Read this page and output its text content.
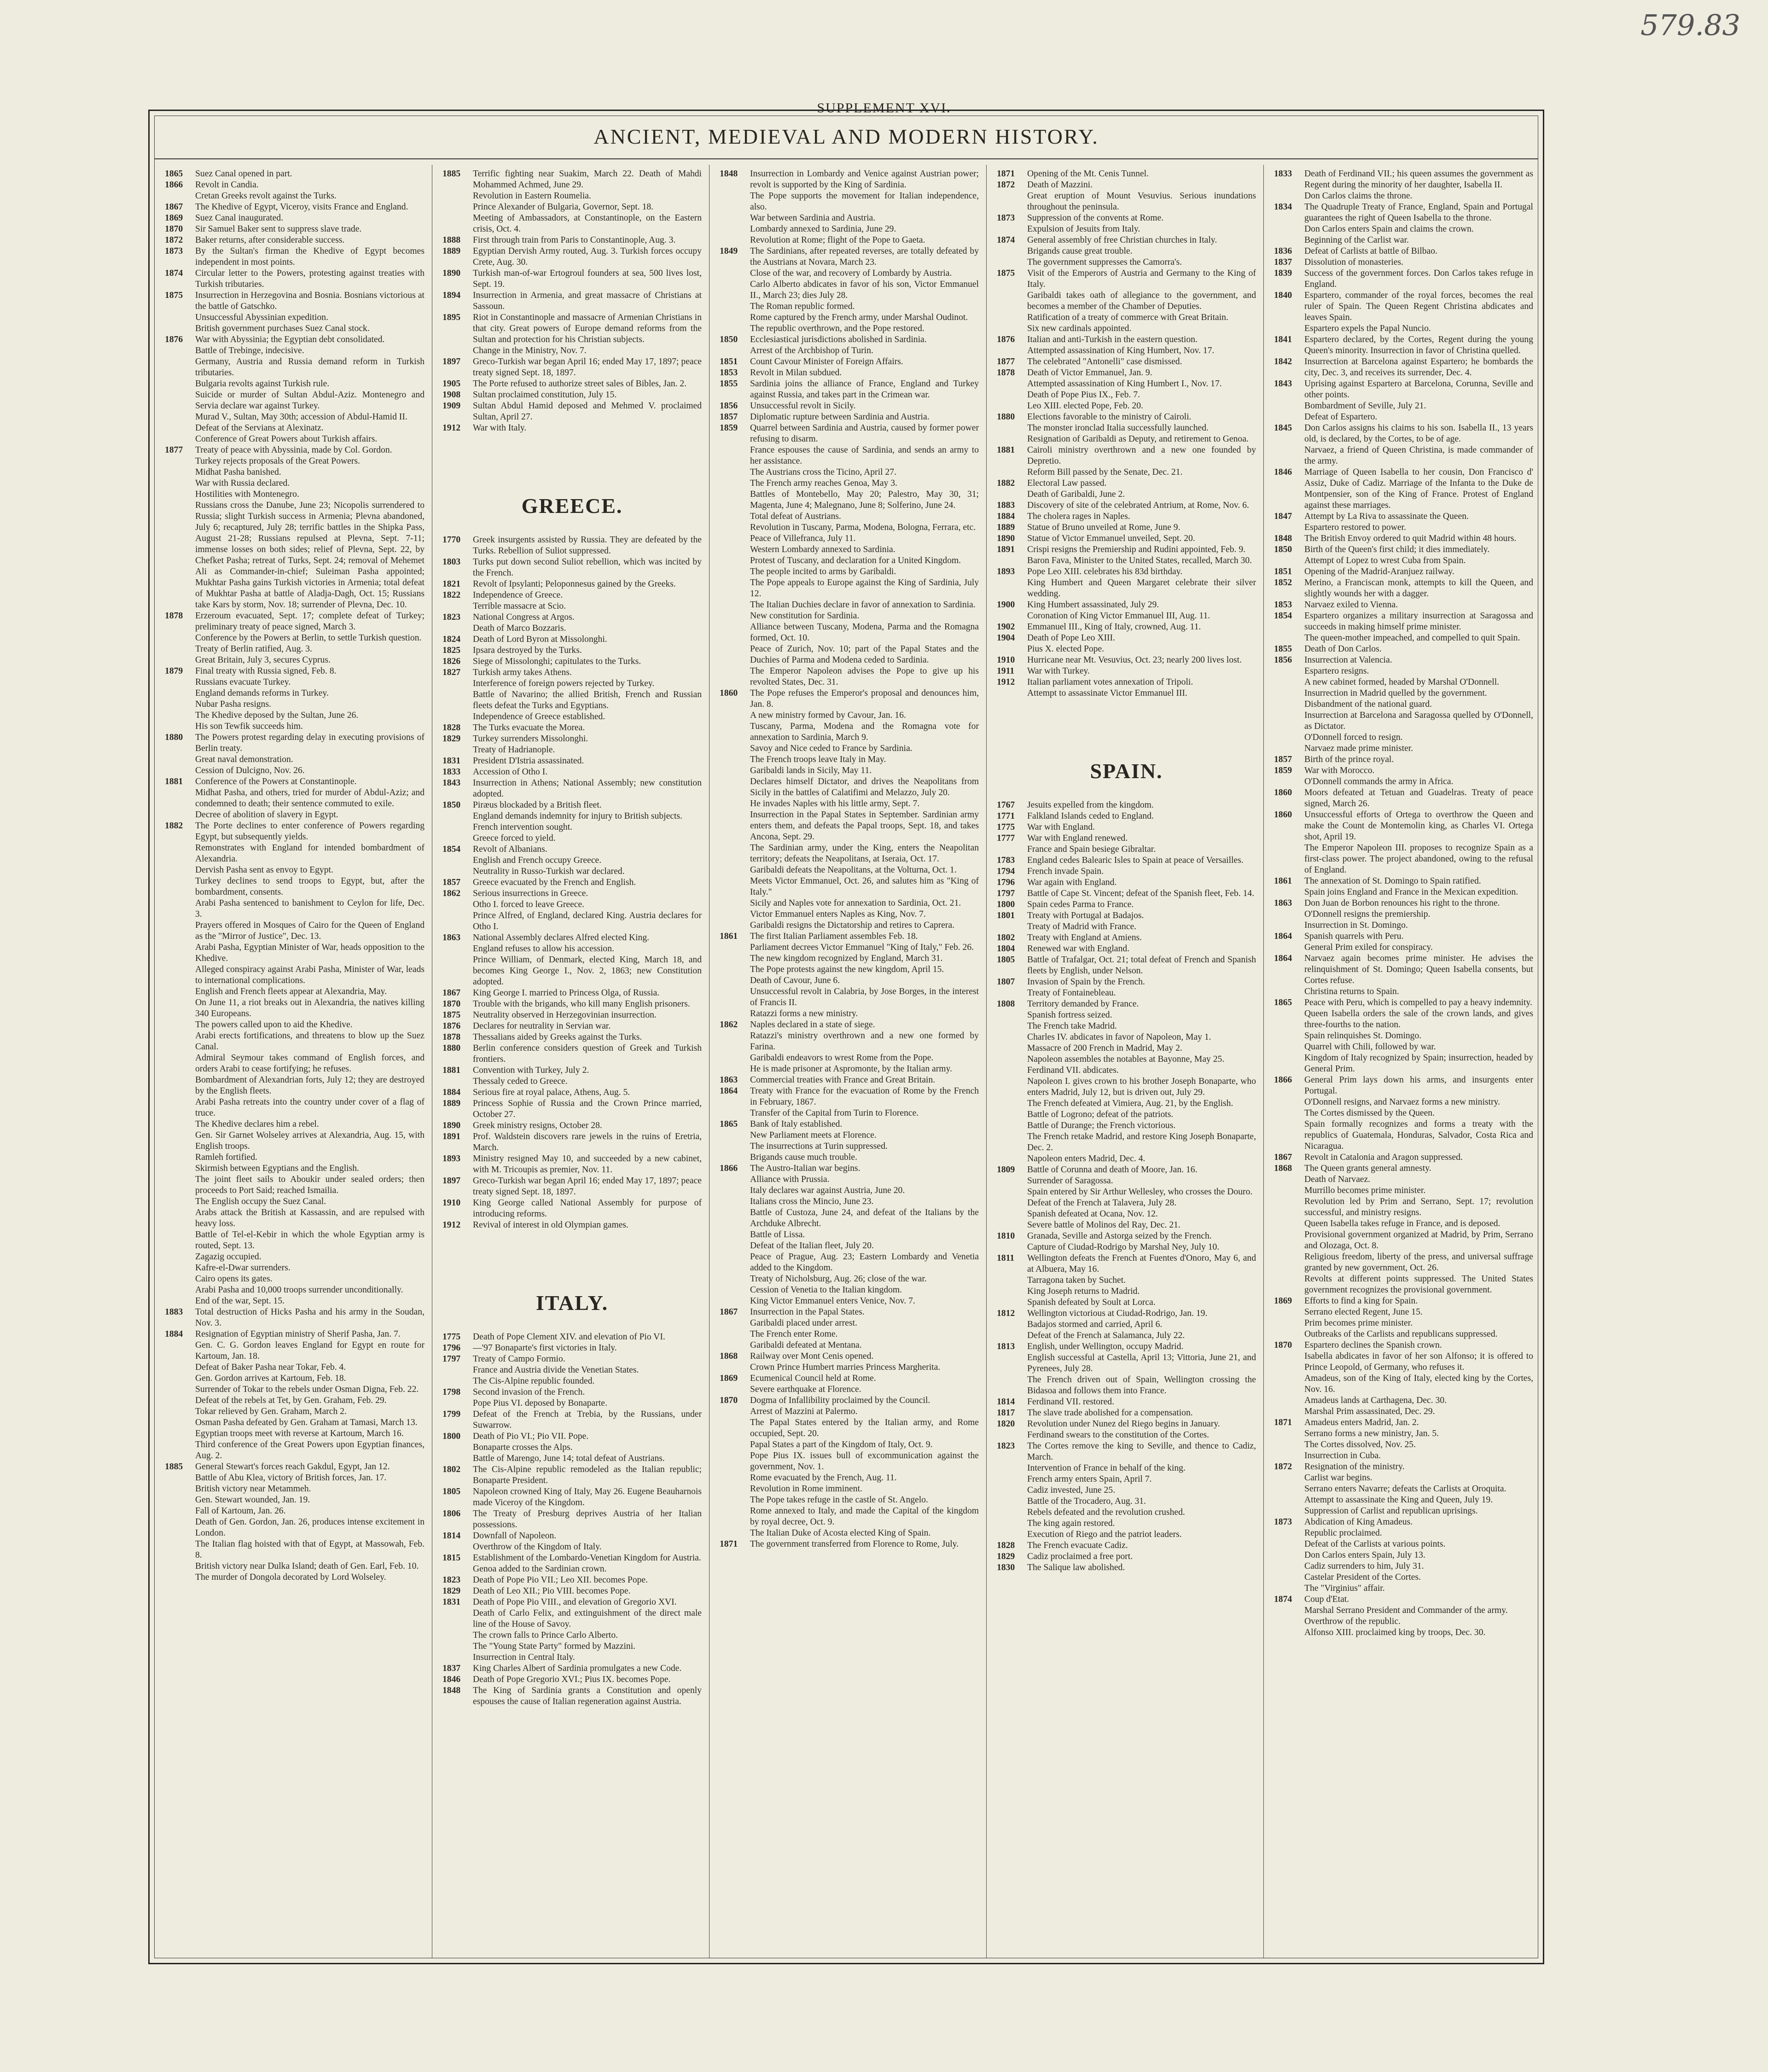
579.83
SUPPLEMENT XVI.
ANCIENT, MEDIEVAL AND MODERN HISTORY.
1865	Suez Canal opened in part.
1866	Revolt in Candia.
Cretan Greeks revolt against the Turks.
1867	The Khedive of Egypt, Viceroy, visits France and England.
1869	Suez Canal inaugurated.
1870	Sir Samuel Baker sent to suppress slave trade.
1872	Baker returns, after considerable success.
1873	By the Sultan's firman the Khedive of Egypt becomes independent in most points.
1874	Circular letter to the Powers, protesting against treaties with Turkish tributaries.
1875	Insurrection in Herzegovina and Bosnia. Bosnians victorious at the battle of Gatschko.
Unsuccessful Abyssinian expedition.
British government purchases Suez Canal stock.
1876	War with Abyssinia; the Egyptian debt consolidated.
Battle of Trebinge, indecisive.
Germany, Austria and Russia demand reform in Turkish tributaries.
Bulgaria revolts against Turkish rule.
Suicide or murder of Sultan Abdul-Aziz. Montenegro and Servia declare war against Turkey.
Murad V., Sultan, May 30th; accession of Abdul-Hamid II.
Defeat of the Servians at Alexinatz.
Conference of Great Powers about Turkish affairs.
1877	Treaty of peace with Abyssinia, made by Col. Gordon.
Turkey rejects proposals of the Great Powers.
Midhat Pasha banished.
War with Russia declared.
Hostilities with Montenegro.
Russians cross the Danube, June 23; Nicopolis surrendered to Russia; slight Turkish success in Armenia; Plevna abandoned, July 6; recaptured, July 28; terrific battles in the Shipka Pass, August 21-28; Russians repulsed at Plevna, Sept. 7-11; immense losses on both sides; relief of Plevna, Sept. 22, by Chefket Pasha; retreat of Turks, Sept. 24; removal of Mehemet Ali as Commander-in-chief; Suleiman Pasha appointed; Mukhtar Pasha gains Turkish victories in Armenia; total defeat of Mukhtar Pasha at battle of Aladja-Dagh, Oct. 15; Russians take Kars by storm, Nov. 18; surrender of Plevna, Dec. 10.
1878	Erzeroum evacuated, Sept. 17; complete defeat of Turkey; preliminary treaty of peace signed, March 3.
Conference by the Powers at Berlin, to settle Turkish question.
Treaty of Berlin ratified, Aug. 3.
Great Britain, July 3, secures Cyprus.
1879	Final treaty with Russia signed, Feb. 8.
Russians evacuate Turkey.
England demands reforms in Turkey.
Nubar Pasha resigns.
The Khedive deposed by the Sultan, June 26.
His son Tewfik succeeds him.
1880	The Powers protest regarding delay in executing provisions of Berlin treaty.
Great naval demonstration.
Cession of Dulcigno, Nov. 26.
1881	Conference of the Powers at Constantinople.
Midhat Pasha, and others, tried for murder of Abdul-Aziz; and condemned to death; their sentence commuted to exile.
Decree of abolition of slavery in Egypt.
1882	The Porte declines to enter conference of Powers regarding Egypt, but subsequently yields.
Remonstrates with England for intended bombardment of Alexandria.
Dervish Pasha sent as envoy to Egypt.
Turkey declines to send troops to Egypt, but, after the bombardment, consents.
Arabi Pasha sentenced to banishment to Ceylon for life, Dec. 3.
Prayers offered in Mosques of Cairo for the Queen of England as the "Mirror of Justice", Dec. 13.
Arabi Pasha, Egyptian Minister of War, heads opposition to the Khedive.
Alleged conspiracy against Arabi Pasha, Minister of War, leads to international complications.
English and French fleets appear at Alexandria, May.
On June 11, a riot breaks out in Alexandria, the natives killing 340 Europeans.
The powers called upon to aid the Khedive.
Arabi erects fortifications, and threatens to blow up the Suez Canal.
Admiral Seymour takes command of English forces, and orders Arabi to cease fortifying; he refuses.
Bombardment of Alexandrian forts, July 12; they are destroyed by the English fleets.
Arabi Pasha retreats into the country under cover of a flag of truce.
The Khedive declares him a rebel.
Gen. Sir Garnet Wolseley arrives at Alexandria, Aug. 15, with English troops.
Ramleh fortified.
Skirmish between Egyptians and the English.
The joint fleet sails to Aboukir under sealed orders; then proceeds to Port Said; reached Ismailia.
The English occupy the Suez Canal.
Arabs attack the British at Kassassin, and are repulsed with heavy loss.
Battle of Tel-el-Kebir in which the whole Egyptian army is routed, Sept. 13.
Zagazig occupied.
Kafre-el-Dwar surrenders.
Cairo opens its gates.
Arabi Pasha and 10,000 troops surrender unconditionally.
End of the war, Sept. 15.
1883	Total destruction of Hicks Pasha and his army in the Soudan, Nov. 3.
1884	Resignation of Egyptian ministry of Sherif Pasha, Jan. 7.
Gen. C. G. Gordon leaves England for Egypt en route for Kartoum, Jan. 18.
Defeat of Baker Pasha near Tokar, Feb. 4.
Gen. Gordon arrives at Kartoum, Feb. 18.
Surrender of Tokar to the rebels under Osman Digna, Feb. 22.
Defeat of the rebels at Tet, by Gen. Graham, Feb. 29.
Tokar relieved by Gen. Graham, March 2.
Osman Pasha defeated by Gen. Graham at Tamasi, March 13.
Egyptian troops meet with reverse at Kartoum, March 16.
Third conference of the Great Powers upon Egyptian finances, Aug. 2.
1885	General Stewart's forces reach Gakdul, Egypt, Jan 12.
Battle of Abu Klea, victory of British forces, Jan. 17.
British victory near Metammeh.
Gen. Stewart wounded, Jan. 19.
Fall of Kartoum, Jan. 26.
Death of Gen. Gordon, Jan. 26, produces intense excitement in London.
The Italian flag hoisted with that of Egypt, at Massowah, Feb. 8.
British victory near Dulka Island; death of Gen. Earl, Feb. 10.
The murder of Dongola decorated by Lord Wolseley.
1885	Terrific fighting near Suakim, March 22. Death of Mahdi Mohammed Achmed, June 29.
Revolution in Eastern Roumelia.
Prince Alexander of Bulgaria, Governor, Sept. 18.
Meeting of Ambassadors, at Constantinople, on the Eastern crisis, Oct. 4.
1888	First through train from Paris to Constantinople, Aug. 3.
1889	Egyptian Dervish Army routed, Aug. 3. Turkish forces occupy Crete, Aug. 30.
1890	Turkish man-of-war Ertogroul founders at sea, 500 lives lost, Sept. 19.
1894	Insurrection in Armenia, and great massacre of Christians at Sassoun.
1895	Riot in Constantinople and massacre of Armenian Christians in that city. Great powers of Europe demand reforms from the Sultan and protection for his Christian subjects.
Change in the Ministry, Nov. 7.
1897	Greco-Turkish war began April 16; ended May 17, 1897; peace treaty signed Sept. 18, 1897.
1905	The Porte refused to authorize street sales of Bibles, Jan. 2.
1908	Sultan proclaimed constitution, July 15.
1909	Sultan Abdul Hamid deposed and Mehmed V. proclaimed Sultan, April 27.
1912	War with Italy.
GREECE.
1770	Greek insurgents assisted by Russia. They are defeated by the Turks. Rebellion of Suliot suppressed.
1803	Turks put down second Suliot rebellion, which was incited by the French.
1821	Revolt of Ipsylanti; Peloponnesus gained by the Greeks.
1822	Independence of Greece.
Terrible massacre at Scio.
1823	National Congress at Argos.
Death of Marco Bozzaris.
1824	Death of Lord Byron at Missolonghi.
1825	Ipsara destroyed by the Turks.
1826	Siege of Missolonghi; capitulates to the Turks.
1827	Turkish army takes Athens.
Interference of foreign powers rejected by Turkey.
Battle of Navarino; the allied British, French and Russian fleets defeat the Turks and Egyptians.
Independence of Greece established.
1828	The Turks evacuate the Morea.
1829	Turkey surrenders Missolonghi.
Treaty of Hadrianople.
1831	President D'Istria assassinated.
1833	Accession of Otho I.
1843	Insurrection in Athens; National Assembly; new constitution adopted.
1850	Piræus blockaded by a British fleet.
England demands indemnity for injury to British subjects.
French intervention sought.
Greece forced to yield.
1854	Revolt of Albanians.
English and French occupy Greece.
Neutrality in Russo-Turkish war declared.
1857	Greece evacuated by the French and English.
1862	Serious insurrections in Greece.
Otho I. forced to leave Greece.
Prince Alfred, of England, declared King. Austria declares for Otho I.
1863	National Assembly declares Alfred elected King.
England refuses to allow his accession.
Prince William, of Denmark, elected King, March 18, and becomes King George I., Nov. 2, 1863; new Constitution adopted.
1867	King George I. married to Princess Olga, of Russia.
1870	Trouble with the brigands, who kill many English prisoners.
1875	Neutrality observed in Herzegovinian insurrection.
1876	Declares for neutrality in Servian war.
1878	Thessalians aided by Greeks against the Turks.
1880	Berlin conference considers question of Greek and Turkish frontiers.
1881	Convention with Turkey, July 2.
Thessaly ceded to Greece.
1884	Serious fire at royal palace, Athens, Aug. 5.
1889	Princess Sophie of Russia and the Crown Prince married, October 27.
1890	Greek ministry resigns, October 28.
1891	Prof. Waldstein discovers rare jewels in the ruins of Eretria, March.
1893	Ministry resigned May 10, and succeeded by a new cabinet, with M. Tricoupis as premier, Nov. 11.
1897	Greco-Turkish war began April 16; ended May 17, 1897; peace treaty signed Sept. 18, 1897.
1910	King George called National Assembly for purpose of introducing reforms.
1912	Revival of interest in old Olympian games.
ITALY.
1775	Death of Pope Clement XIV. and elevation of Pio VI.
1796	—'97 Bonaparte's first victories in Italy.
1797	Treaty of Campo Formio.
France and Austria divide the Venetian States.
The Cis-Alpine republic founded.
1798	Second invasion of the French.
Pope Pius VI. deposed by Bonaparte.
1799	Defeat of the French at Trebia, by the Russians, under Suwarrow.
1800	Death of Pio VI.; Pio VII. Pope.
Bonaparte crosses the Alps.
Battle of Marengo, June 14; total defeat of Austrians.
1802	The Cis-Alpine republic remodeled as the Italian republic; Bonaparte President.
1805	Napoleon crowned King of Italy, May 26. Eugene Beauharnois made Viceroy of the Kingdom.
1806	The Treaty of Presburg deprives Austria of her Italian possessions.
1814	Downfall of Napoleon.
Overthrow of the Kingdom of Italy.
1815	Establishment of the Lombardo-Venetian Kingdom for Austria.
Genoa added to the Sardinian crown.
1823	Death of Pope Pio VII.; Leo XII. becomes Pope.
1829	Death of Leo XII.; Pio VIII. becomes Pope.
1831	Death of Pope Pio VIII., and elevation of Gregorio XVI.
Death of Carlo Felix, and extinguishment of the direct male line of the House of Savoy.
The crown falls to Prince Carlo Alberto.
The "Young State Party" formed by Mazzini.
Insurrection in Central Italy.
1837	King Charles Albert of Sardinia promulgates a new Code.
1846	Death of Pope Gregorio XVI.; Pius IX. becomes Pope.
1848	The King of Sardinia grants a Constitution and openly espouses the cause of Italian regeneration against Austria.
1848	Insurrection in Lombardy and Venice against Austrian power; revolt is supported by the King of Sardinia.
The Pope supports the movement for Italian independence, also.
War between Sardinia and Austria.
Lombardy annexed to Sardinia, June 29.
Revolution at Rome; flight of the Pope to Gaeta.
1849	The Sardinians, after repeated reverses, are totally defeated by the Austrians at Novara, March 23.
Close of the war, and recovery of Lombardy by Austria.
Carlo Alberto abdicates in favor of his son, Victor Emmanuel II., March 23; dies July 28.
The Roman republic formed.
Rome captured by the French army, under Marshal Oudinot.
The republic overthrown, and the Pope restored.
1850	Ecclesiastical jurisdictions abolished in Sardinia.
Arrest of the Archbishop of Turin.
1851	Count Cavour Minister of Foreign Affairs.
1853	Revolt in Milan subdued.
1855	Sardinia joins the alliance of France, England and Turkey against Russia, and takes part in the Crimean war.
1856	Unsuccessful revolt in Sicily.
1857	Diplomatic rupture between Sardinia and Austria.
1859	Quarrel between Sardinia and Austria, caused by former power refusing to disarm.
France espouses the cause of Sardinia, and sends an army to her assistance.
The Austrians cross the Ticino, April 27.
The French army reaches Genoa, May 3.
Battles of Montebello, May 20; Palestro, May 30, 31; Magenta, June 4; Malegnano, June 8; Solferino, June 24.
Total defeat of Austrians.
Revolution in Tuscany, Parma, Modena, Bologna, Ferrara, etc.
Peace of Villefranca, July 11.
Western Lombardy annexed to Sardinia.
Protest of Tuscany, and declaration for a United Kingdom.
The people incited to arms by Garibaldi.
The Pope appeals to Europe against the King of Sardinia, July 12.
The Italian Duchies declare in favor of annexation to Sardinia.
New constitution for Sardinia.
Alliance between Tuscany, Modena, Parma and the Romagna formed, Oct. 10.
Peace of Zurich, Nov. 10; part of the Papal States and the Duchies of Parma and Modena ceded to Sardinia.
The Emperor Napoleon advises the Pope to give up his revolted States, Dec. 31.
1860	The Pope refuses the Emperor's proposal and denounces him, Jan. 8.
A new ministry formed by Cavour, Jan. 16.
Tuscany, Parma, Modena and the Romagna vote for annexation to Sardinia, March 9.
Savoy and Nice ceded to France by Sardinia.
The French troops leave Italy in May.
Garibaldi lands in Sicily, May 11.
Declares himself Dictator, and drives the Neapolitans from Sicily in the battles of Calatifimi and Melazzo, July 20.
He invades Naples with his little army, Sept. 7.
Insurrection in the Papal States in September. Sardinian army enters them, and defeats the Papal troops, Sept. 18, and takes Ancona, Sept. 29.
The Sardinian army, under the King, enters the Neapolitan territory; defeats the Neapolitans, at Iseraia, Oct. 17.
Garibaldi defeats the Neapolitans, at the Volturna, Oct. 1.
Meets Victor Emmanuel, Oct. 26, and salutes him as "King of Italy."
Sicily and Naples vote for annexation to Sardinia, Oct. 21.
Victor Emmanuel enters Naples as King, Nov. 7.
Garibaldi resigns the Dictatorship and retires to Caprera.
1861	The first Italian Parliament assembles Feb. 18.
Parliament decrees Victor Emmanuel "King of Italy," Feb. 26.
The new kingdom recognized by England, March 31.
The Pope protests against the new kingdom, April 15.
Death of Cavour, June 6.
Unsuccessful revolt in Calabria, by Jose Borges, in the interest of Francis II.
Ratazzi forms a new ministry.
1862	Naples declared in a state of siege.
Ratazzi's ministry overthrown and a new one formed by Farina.
Garibaldi endeavors to wrest Rome from the Pope.
He is made prisoner at Aspromonte, by the Italian army.
1863	Commercial treaties with France and Great Britain.
1864	Treaty with France for the evacuation of Rome by the French in February, 1867.
Transfer of the Capital from Turin to Florence.
1865	Bank of Italy established.
New Parliament meets at Florence.
The insurrections at Turin suppressed.
Brigands cause much trouble.
1866	The Austro-Italian war begins.
Alliance with Prussia.
Italy declares war against Austria, June 20.
Italians cross the Mincio, June 23.
Battle of Custoza, June 24, and defeat of the Italians by the Archduke Albrecht.
Battle of Lissa.
Defeat of the Italian fleet, July 20.
Peace of Prague, Aug. 23; Eastern Lombardy and Venetia added to the Kingdom.
Treaty of Nicholsburg, Aug. 26; close of the war.
Cession of Venetia to the Italian kingdom.
King Victor Emmanuel enters Venice, Nov. 7.
1867	Insurrection in the Papal States.
Garibaldi placed under arrest.
The French enter Rome.
Garibaldi defeated at Mentana.
1868	Railway over Mont Cenis opened.
Crown Prince Humbert marries Princess Margherita.
1869	Ecumenical Council held at Rome.
Severe earthquake at Florence.
1870	Dogma of Infallibility proclaimed by the Council.
Arrest of Mazzini at Palermo.
The Papal States entered by the Italian army, and Rome occupied, Sept. 20.
Papal States a part of the Kingdom of Italy, Oct. 9.
Pope Pius IX. issues bull of excommunication against the government, Nov. 1.
Rome evacuated by the French, Aug. 11.
Revolution in Rome imminent.
The Pope takes refuge in the castle of St. Angelo.
Rome annexed to Italy, and made the Capital of the kingdom by royal decree, Oct. 9.
The Italian Duke of Acosta elected King of Spain.
1871	The government transferred from Florence to Rome, July.
1871	Opening of the Mt. Cenis Tunnel.
1872	Death of Mazzini.
Great eruption of Mount Vesuvius. Serious inundations throughout the peninsula.
1873	Suppression of the convents at Rome.
Expulsion of Jesuits from Italy.
1874	General assembly of free Christian churches in Italy.
Brigands cause great trouble.
The government suppresses the Camorra's.
1875	Visit of the Emperors of Austria and Germany to the King of Italy.
Garibaldi takes oath of allegiance to the government, and becomes a member of the Chamber of Deputies.
Ratification of a treaty of commerce with Great Britain.
Six new cardinals appointed.
1876	Italian and anti-Turkish in the eastern question.
Attempted assassination of King Humbert, Nov. 17.
1877	The celebrated "Antonelli" case dismissed.
1878	Death of Victor Emmanuel, Jan. 9.
Attempted assassination of King Humbert I., Nov. 17.
Death of Pope Pius IX., Feb. 7.
Leo XIII. elected Pope, Feb. 20.
1880	Elections favorable to the ministry of Cairoli.
The monster ironclad Italia successfully launched.
Resignation of Garibaldi as Deputy, and retirement to Genoa.
1881	Cairoli ministry overthrown and a new one founded by Depretio.
Reform Bill passed by the Senate, Dec. 21.
1882	Electoral Law passed.
Death of Garibaldi, June 2.
1883	Discovery of site of the celebrated Antrium, at Rome, Nov. 6.
1884	The cholera rages in Naples.
1889	Statue of Bruno unveiled at Rome, June 9.
1890	Statue of Victor Emmanuel unveiled, Sept. 20.
1891	Crispi resigns the Premiership and Rudini appointed, Feb. 9.
Baron Fava, Minister to the United States, recalled, March 30.
1893	Pope Leo XIII. celebrates his 83d birthday.
King Humbert and Queen Margaret celebrate their silver wedding.
1900	King Humbert assassinated, July 29.
Coronation of King Victor Emmanuel III, Aug. 11.
1902	Emmanuel III., King of Italy, crowned, Aug. 11.
1904	Death of Pope Leo XIII.
Pius X. elected Pope.
1910	Hurricane near Mt. Vesuvius, Oct. 23; nearly 200 lives lost.
1911	War with Turkey.
1912	Italian parliament votes annexation of Tripoli.
Attempt to assassinate Victor Emmanuel III.
SPAIN.
1767	Jesuits expelled from the kingdom.
1771	Falkland Islands ceded to England.
1775	War with England.
1777	War with England renewed.
France and Spain besiege Gibraltar.
1783	England cedes Balearic Isles to Spain at peace of Versailles.
1794	French invade Spain.
1796	War again with England.
1797	Battle of Cape St. Vincent; defeat of the Spanish fleet, Feb. 14.
1800	Spain cedes Parma to France.
1801	Treaty with Portugal at Badajos.
Treaty of Madrid with France.
1802	Treaty with England at Amiens.
1804	Renewed war with England.
1805	Battle of Trafalgar, Oct. 21; total defeat of French and Spanish fleets by English, under Nelson.
1807	Invasion of Spain by the French.
Treaty of Fontainebleau.
1808	Territory demanded by France.
Spanish fortress seized.
The French take Madrid.
Charles IV. abdicates in favor of Napoleon, May 1.
Massacre of 200 French in Madrid, May 2.
Napoleon assembles the notables at Bayonne, May 25.
Ferdinand VII. abdicates.
Napoleon I. gives crown to his brother Joseph Bonaparte, who enters Madrid, July 12, but is driven out, July 29.
The French defeated at Vimiera, Aug. 21, by the English.
Battle of Logrono; defeat of the patriots.
Battle of Durange; the French victorious.
The French retake Madrid, and restore King Joseph Bonaparte, Dec. 2.
Napoleon enters Madrid, Dec. 4.
1809	Battle of Corunna and death of Moore, Jan. 16.
Surrender of Saragossa.
Spain entered by Sir Arthur Wellesley, who crosses the Douro.
Defeat of the French at Talavera, July 28.
Spanish defeated at Ocana, Nov. 12.
Severe battle of Molinos del Ray, Dec. 21.
1810	Granada, Seville and Astorga seized by the French.
Capture of Ciudad-Rodrigo by Marshal Ney, July 10.
1811	Wellington defeats the French at Fuentes d'Onoro, May 6, and at Albuera, May 16.
Tarragona taken by Suchet.
King Joseph returns to Madrid.
Spanish defeated by Soult at Lorca.
1812	Wellington victorious at Ciudad-Rodrigo, Jan. 19.
Badajos stormed and carried, April 6.
Defeat of the French at Salamanca, July 22.
1813	English, under Wellington, occupy Madrid.
English successful at Castella, April 13; Vittoria, June 21, and Pyrenees, July 28.
The French driven out of Spain, Wellington crossing the Bidasoa and follows them into France.
1814	Ferdinand VII. restored.
1817	The slave trade abolished for a compensation.
1820	Revolution under Nunez del Riego begins in January.
Ferdinand swears to the constitution of the Cortes.
1823	The Cortes remove the king to Seville, and thence to Cadiz, March.
Intervention of France in behalf of the king.
French army enters Spain, April 7.
Cadiz invested, June 25.
Battle of the Trocadero, Aug. 31.
Rebels defeated and the revolution crushed.
The king again restored.
Execution of Riego and the patriot leaders.
1828	The French evacuate Cadiz.
1829	Cadiz proclaimed a free port.
1830	The Salique law abolished.
1833	Death of Ferdinand VII.; his queen assumes the government as Regent during the minority of her daughter, Isabella II.
Don Carlos claims the throne.
1834	The Quadruple Treaty of France, England, Spain and Portugal guarantees the right of Queen Isabella to the throne.
Don Carlos enters Spain and claims the crown.
Beginning of the Carlist war.
1836	Defeat of Carlists at battle of Bilbao.
1837	Dissolution of monasteries.
1839	Success of the government forces. Don Carlos takes refuge in England.
1840	Espartero, commander of the royal forces, becomes the real ruler of Spain. The Queen Regent Christina abdicates and leaves Spain.
Espartero expels the Papal Nuncio.
1841	Espartero declared, by the Cortes, Regent during the young Queen's minority. Insurrection in favor of Christina quelled.
1842	Insurrection at Barcelona against Espartero; he bombards the city, Dec. 3, and receives its surrender, Dec. 4.
1843	Uprising against Espartero at Barcelona, Corunna, Seville and other points.
Bombardment of Seville, July 21.
Defeat of Espartero.
1845	Don Carlos assigns his claims to his son. Isabella II., 13 years old, is declared, by the Cortes, to be of age.
Narvaez, a friend of Queen Christina, is made commander of the army.
1846	Marriage of Queen Isabella to her cousin, Don Francisco d' Assiz, Duke of Cadiz. Marriage of the Infanta to the Duke de Montpensier, son of the King of France. Protest of England against these marriages.
1847	Attempt by La Riva to assassinate the Queen.
Espartero restored to power.
1848	The British Envoy ordered to quit Madrid within 48 hours.
1850	Birth of the Queen's first child; it dies immediately.
Attempt of Lopez to wrest Cuba from Spain.
1851	Opening of the Madrid-Aranjuez railway.
1852	Merino, a Franciscan monk, attempts to kill the Queen, and slightly wounds her with a dagger.
1853	Narvaez exiled to Vienna.
1854	Espartero organizes a military insurrection at Saragossa and succeeds in making himself prime minister.
The queen-mother impeached, and compelled to quit Spain.
1855	Death of Don Carlos.
1856	Insurrection at Valencia.
Espartero resigns.
A new cabinet formed, headed by Marshal O'Donnell.
Insurrection in Madrid quelled by the government.
Disbandment of the national guard.
Insurrection at Barcelona and Saragossa quelled by O'Donnell, as Dictator.
O'Donnell forced to resign.
Narvaez made prime minister.
1857	Birth of the prince royal.
1859	War with Morocco.
O'Donnell commands the army in Africa.
1860	Moors defeated at Tetuan and Guadelras. Treaty of peace signed, March 26.
1860	Unsuccessful efforts of Ortega to overthrow the Queen and make the Count de Montemolin king, as Charles VI. Ortega shot, April 19.
The Emperor Napoleon III. proposes to recognize Spain as a first-class power. The project abandoned, owing to the refusal of England.
1861	The annexation of St. Domingo to Spain ratified.
Spain joins England and France in the Mexican expedition.
1863	Don Juan de Borbon renounces his right to the throne.
O'Donnell resigns the premiership.
Insurrection in St. Domingo.
1864	Spanish quarrels with Peru.
General Prim exiled for conspiracy.
1864	Narvaez again becomes prime minister. He advises the relinquishment of St. Domingo; Queen Isabella consents, but Cortes refuse.
Christina returns to Spain.
1865	Peace with Peru, which is compelled to pay a heavy indemnity.
Queen Isabella orders the sale of the crown lands, and gives three-fourths to the nation.
Spain relinquishes St. Domingo.
Quarrel with Chili, followed by war.
Kingdom of Italy recognized by Spain; insurrection, headed by General Prim.
1866	General Prim lays down his arms, and insurgents enter Portugal.
O'Donnell resigns, and Narvaez forms a new ministry.
The Cortes dismissed by the Queen.
Spain formally recognizes and forms a treaty with the republics of Guatemala, Honduras, Salvador, Costa Rica and Nicaragua.
1867	Revolt in Catalonia and Aragon suppressed.
1868	The Queen grants general amnesty.
Death of Narvaez.
Murrillo becomes prime minister.
Revolution led by Prim and Serrano, Sept. 17; revolution successful, and ministry resigns.
Queen Isabella takes refuge in France, and is deposed.
Provisional government organized at Madrid, by Prim, Serrano and Olozaga, Oct. 8.
Religious freedom, liberty of the press, and universal suffrage granted by new government, Oct. 26.
Revolts at different points suppressed. The United States government recognizes the provisional government.
1869	Efforts to find a king for Spain.
Serrano elected Regent, June 15.
Prim becomes prime minister.
Outbreaks of the Carlists and republicans suppressed.
1870	Espartero declines the Spanish crown.
Isabella abdicates in favor of her son Alfonso; it is offered to Prince Leopold, of Germany, who refuses it.
Amadeus, son of the King of Italy, elected king by the Cortes, Nov. 16.
Amadeus lands at Carthagena, Dec. 30.
Marshal Prim assassinated, Dec. 29.
1871	Amadeus enters Madrid, Jan. 2.
Serrano forms a new ministry, Jan. 5.
The Cortes dissolved, Nov. 25.
Insurrection in Cuba.
1872	Resignation of the ministry.
Carlist war begins.
Serrano enters Navarre; defeats the Carlists at Oroquita.
Attempt to assassinate the King and Queen, July 19.
Suppression of Carlist and republican uprisings.
1873	Abdication of King Amadeus.
Republic proclaimed.
Defeat of the Carlists at various points.
Don Carlos enters Spain, July 13.
Cadiz surrenders to him, July 31.
Castelar President of the Cortes.
The "Virginius" affair.
1874	Coup d'Etat.
Marshal Serrano President and Commander of the army.
Overthrow of the republic.
Alfonso XIII. proclaimed king by troops, Dec. 30.
